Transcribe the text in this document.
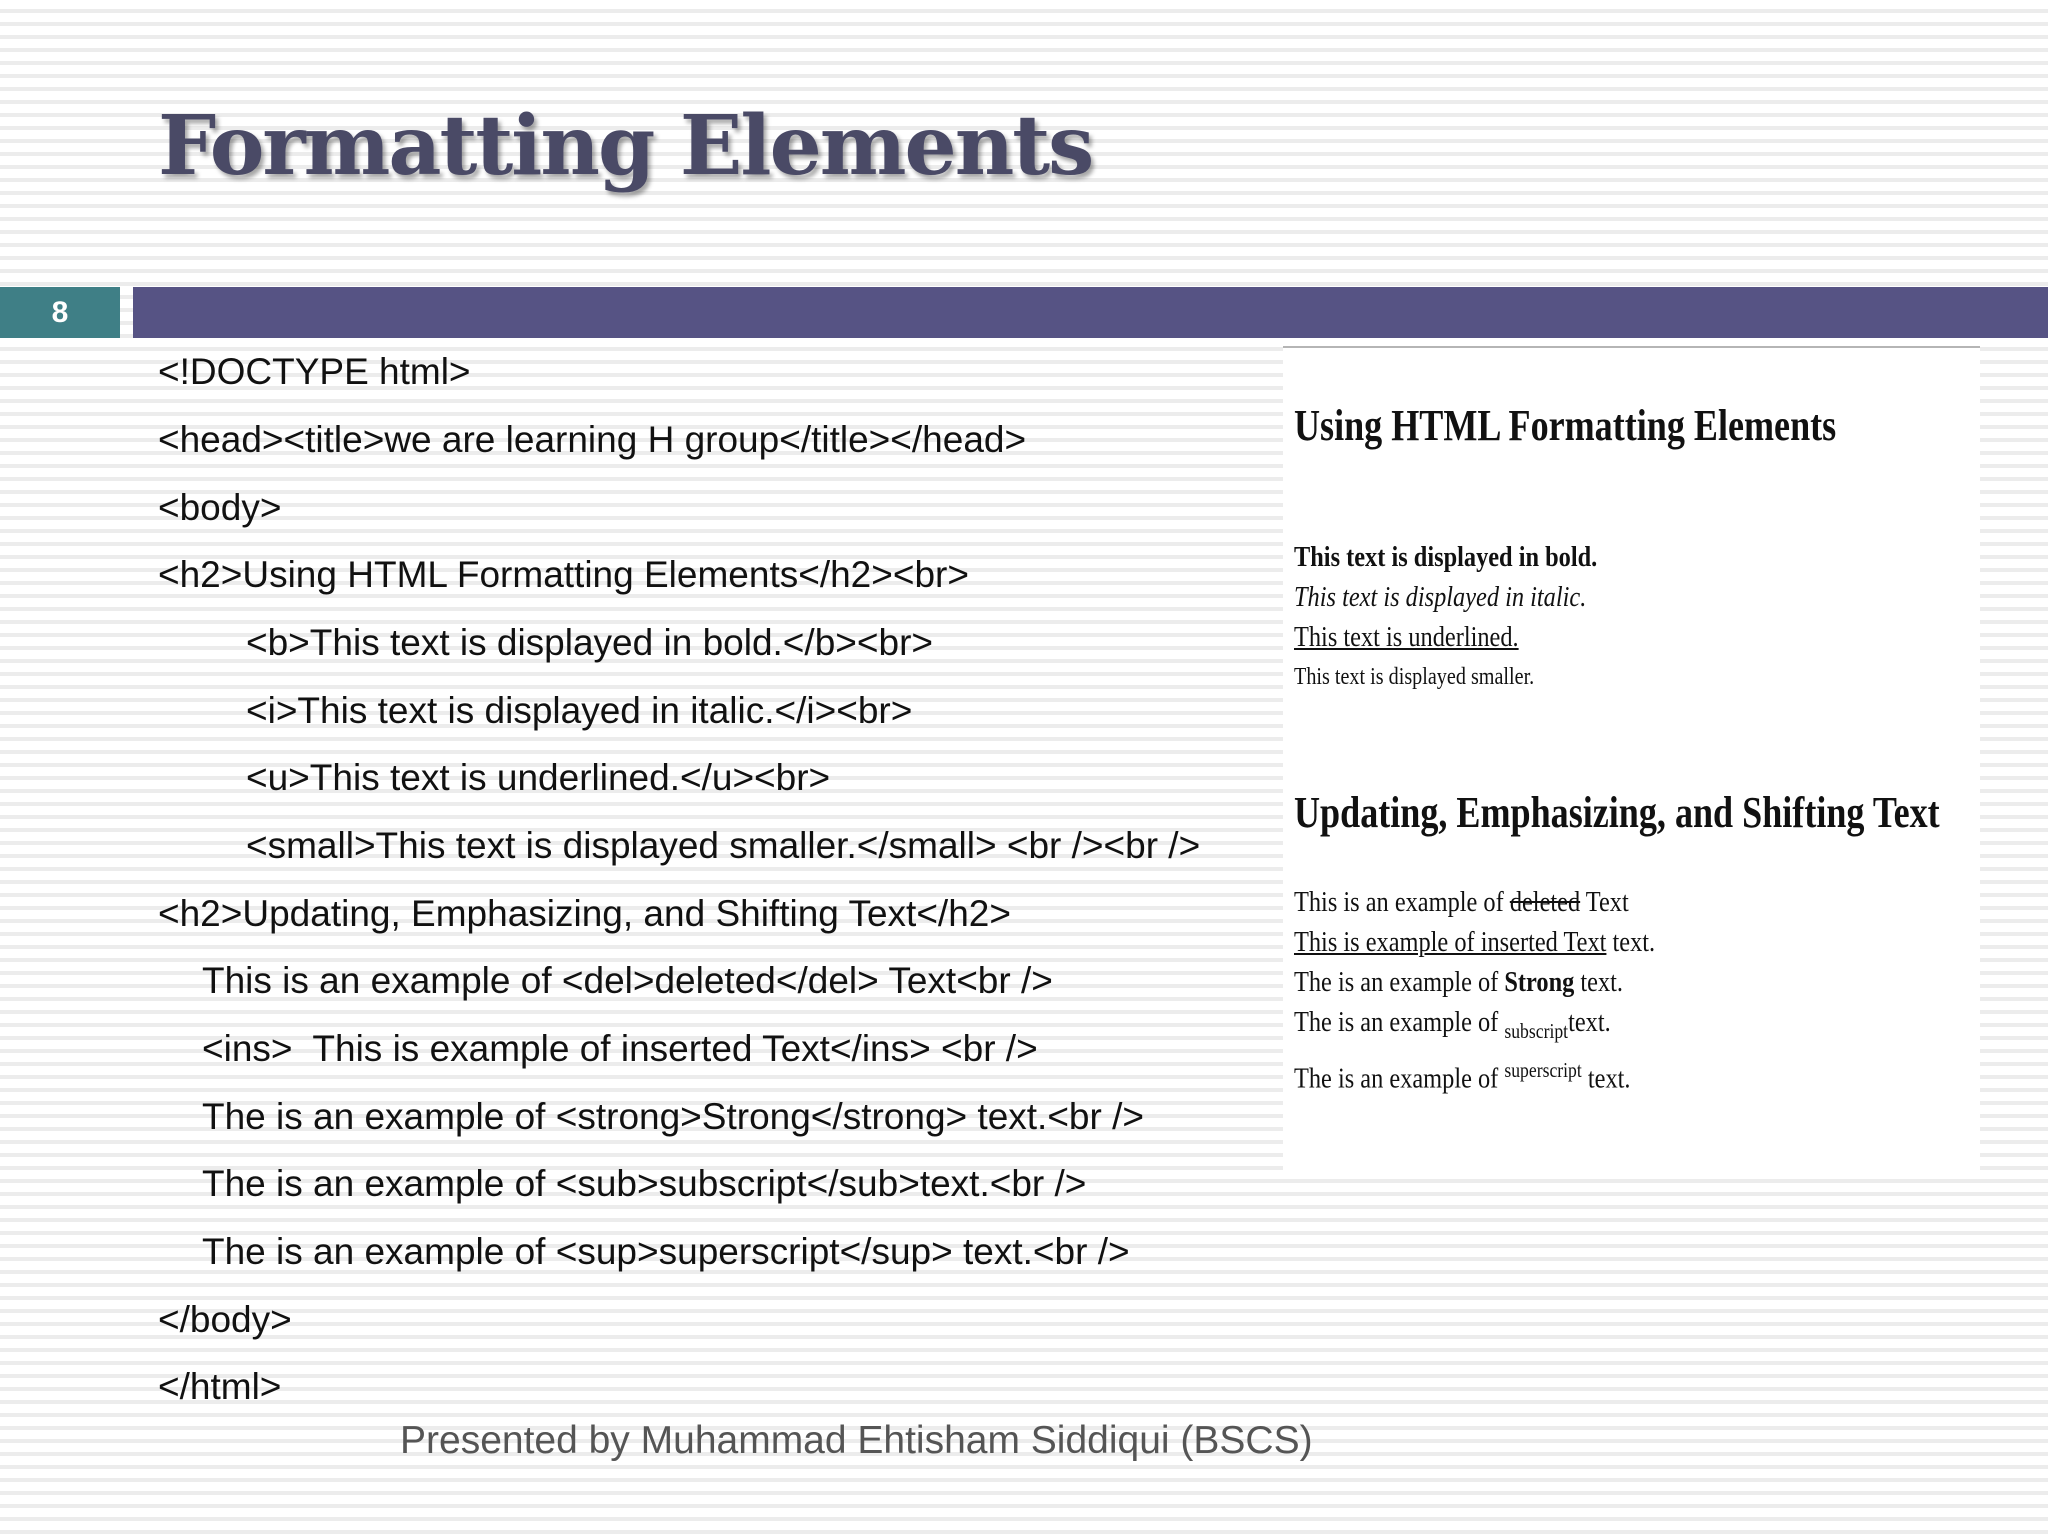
Formatting Elements
8
<!DOCTYPE html>
<head><title>we are learning H group</title></head>
<body>
<h2>Using HTML Formatting Elements</h2><br>
<b>This text is displayed in bold.</b><br>
<i>This text is displayed in italic.</i><br>
<u>This text is underlined.</u><br>
<small>This text is displayed smaller.</small> <br /><br />
<h2>Updating, Emphasizing, and Shifting Text</h2>
This is an example of <del>deleted</del> Text<br />
<ins>  This is example of inserted Text</ins> <br />
The is an example of <strong>Strong</strong> text.<br />
The is an example of <sub>subscript</sub>text.<br />
The is an example of <sup>superscript</sup> text.<br />
</body>
</html>
Using HTML Formatting Elements
This text is displayed in bold.
This text is displayed in italic.
This text is underlined.
This text is displayed smaller.
Updating, Emphasizing, and Shifting Text
This is an example of deleted Text
This is example of inserted Text text.
The is an example of Strong text.
The is an example of $_{subscript}$text.
The is an example of $^{superscript}$ text.
Presented by Muhammad Ehtisham Siddiqui (BSCS)
